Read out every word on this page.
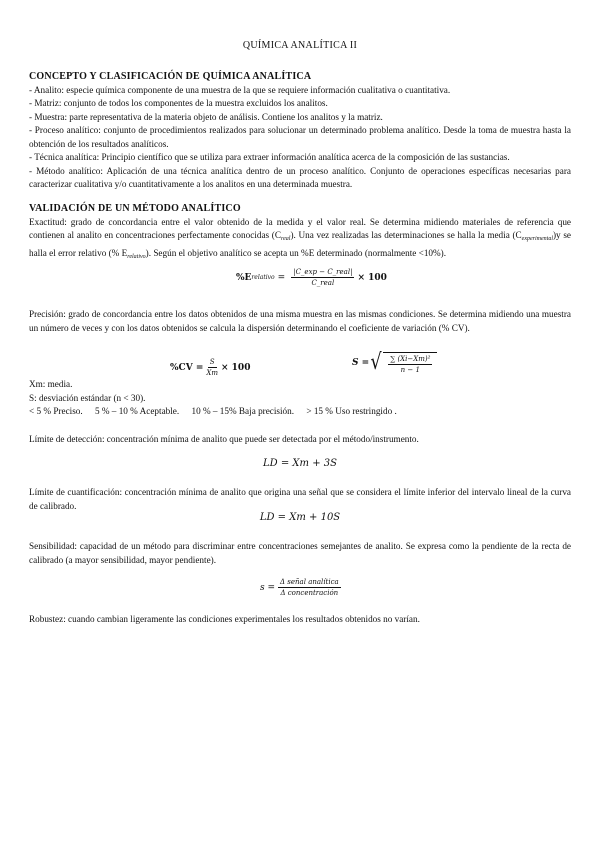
QUÍMICA ANALÍTICA II
CONCEPTO Y CLASIFICACIÓN DE QUÍMICA ANALÍTICA
- Analito: especie química componente de una muestra de la que se requiere información cualitativa o cuantitativa.
- Matriz: conjunto de todos los componentes de la muestra excluidos los analitos.
- Muestra: parte representativa de la materia objeto de análisis. Contiene los analitos y la matriz.
- Proceso analítico: conjunto de procedimientos realizados para solucionar un determinado problema analítico. Desde la toma de muestra hasta la obtención de los resultados analíticos.
- Técnica analítica: Principio científico que se utiliza para extraer información analítica acerca de la composición de las sustancias.
- Método analítico: Aplicación de una técnica analítica dentro de un proceso analítico. Conjunto de operaciones específicas necesarias para caracterizar cualitativa y/o cuantitativamente a los analitos en una determinada muestra.
VALIDACIÓN DE UN MÉTODO ANALÍTICO
Exactitud: grado de concordancia entre el valor obtenido de la medida y el valor real. Se determina midiendo materiales de referencia que contienen al analito en concentraciones perfectamente conocidas $(C_{real})$. Una vez realizadas las determinaciones se halla la media $(C_{experimental})y$ se halla el error relativo (% $E_{relativo}$). Según el objetivo analítico se acepta un %E determinado (normalmente <10%).
%E relativo = $\frac{\text{|C\_exp − C\_real|}}{\text{C\_real}} \times 100$
Precisión: grado de concordancia entre los datos obtenidos de una misma muestra en las mismas condiciones. Se determina midiendo una muestra un número de veces y con los datos obtenidos se calcula la dispersión determinando el coeficiente de variación (% CV).
$\%CV = \frac{S}{Xm} \times 100$	S = √ $\frac{\text{∑ (Xi−Xm)²}}{n - 1}$
Xm: media.
S: desviación estándar (n < 30).
< 5 % Preciso. 5 % – 10 % Aceptable. 10 % – 15% Baja precisión. > 15 % Uso restringido .
Límite de detección: concentración mínima de analito que puede ser detectada por el método/instrumento.
LD = Xm + 3S
Límite de cuantificación: concentración mínima de analito que origina una señal que se considera el límite inferior del intervalo lineal de la curva de calibrado.
LD = Xm + 10S
Sensibilidad: capacidad de un método para discriminar entre concentraciones semejantes de analito. Se expresa como la pendiente de la recta de calibrado (a mayor sensibilidad, mayor pendiente).
$s = \frac{\text{Δ señal analítica}}{\text{Δ concentración}}$
Robustez: cuando cambian ligeramente las condiciones experimentales los resultados obtenidos no varían.
